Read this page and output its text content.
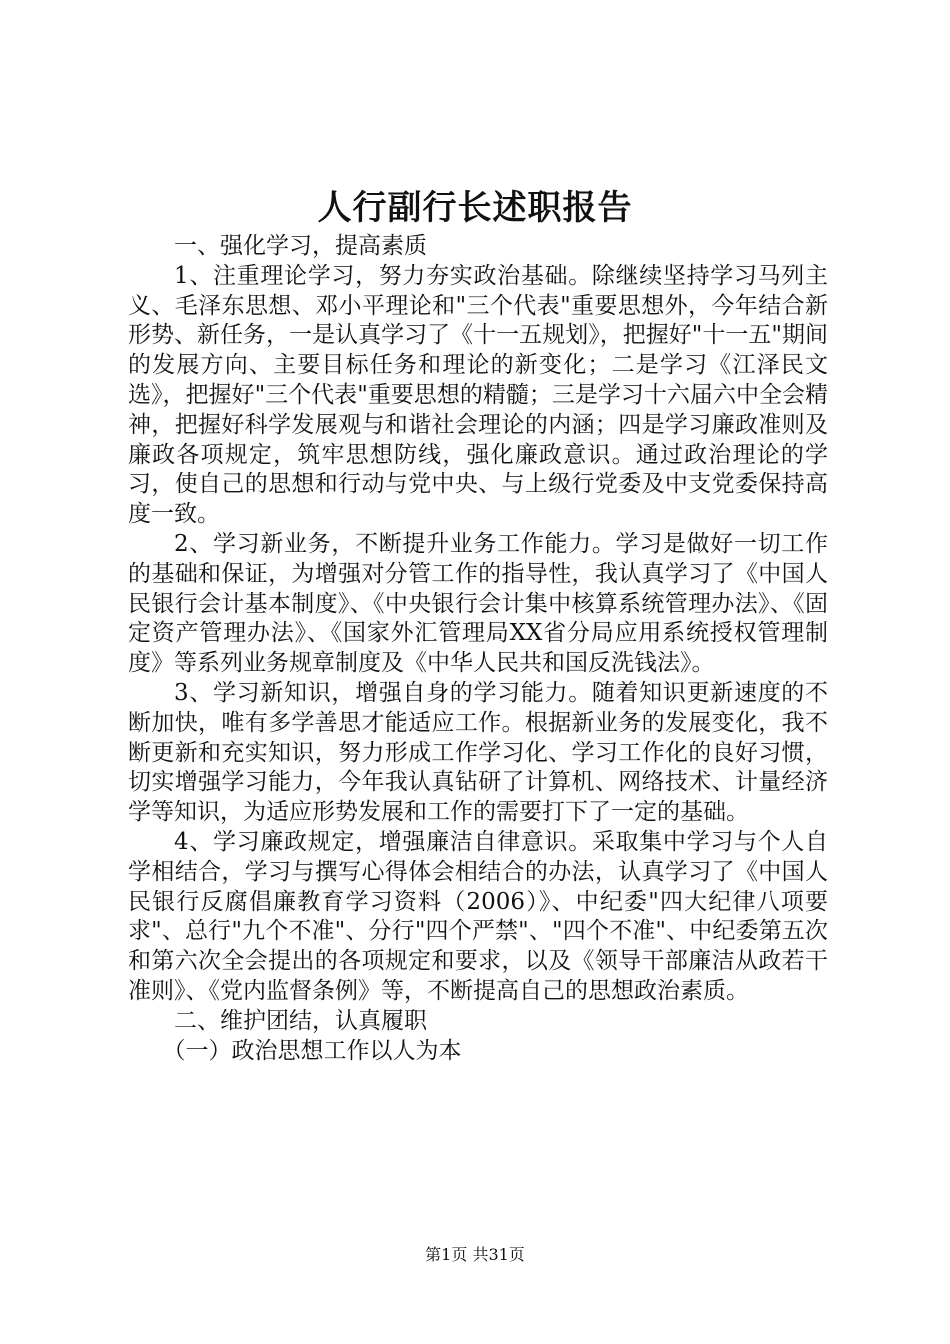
人行副行长述职报告

一、强化学习，提高素质

1、注重理论学习，努力夯实政治基础。除继续坚持学习马列主义、毛泽东思想、邓小平理论和"三个代表"重要思想外，今年结合新形势、新任务，一是认真学习了《十一五规划》，把握好"十一五"期间的发展方向、主要目标任务和理论的新变化；二是学习《江泽民文选》，把握好"三个代表"重要思想的精髓；三是学习十六届六中全会精神，把握好科学发展观与和谐社会理论的内涵；四是学习廉政准则及廉政各项规定，筑牢思想防线，强化廉政意识。通过政治理论的学习，使自己的思想和行动与党中央、与上级行党委及中支党委保持高度一致。

2、学习新业务，不断提升业务工作能力。学习是做好一切工作的基础和保证，为增强对分管工作的指导性，我认真学习了《中国人民银行会计基本制度》、《中央银行会计集中核算系统管理办法》、《固定资产管理办法》、《国家外汇管理局XX省分局应用系统授权管理制度》等系列业务规章制度及《中华人民共和国反洗钱法》。

3、学习新知识，增强自身的学习能力。随着知识更新速度的不断加快，唯有多学善思才能适应工作。根据新业务的发展变化，我不断更新和充实知识，努力形成工作学习化、学习工作化的良好习惯，切实增强学习能力，今年我认真钻研了计算机、网络技术、计量经济学等知识，为适应形势发展和工作的需要打下了一定的基础。

4、学习廉政规定，增强廉洁自律意识。采取集中学习与个人自学相结合，学习与撰写心得体会相结合的办法，认真学习了《中国人民银行反腐倡廉教育学习资料（2006）》、中纪委"四大纪律八项要求"、总行"九个不准"、分行"四个严禁"、"四个不准"、中纪委第五次和第六次全会提出的各项规定和要求，以及《领导干部廉洁从政若干准则》、《党内监督条例》等，不断提高自己的思想政治素质。

二、维护团结，认真履职

（一）政治思想工作以人为本

第1页 共31页
